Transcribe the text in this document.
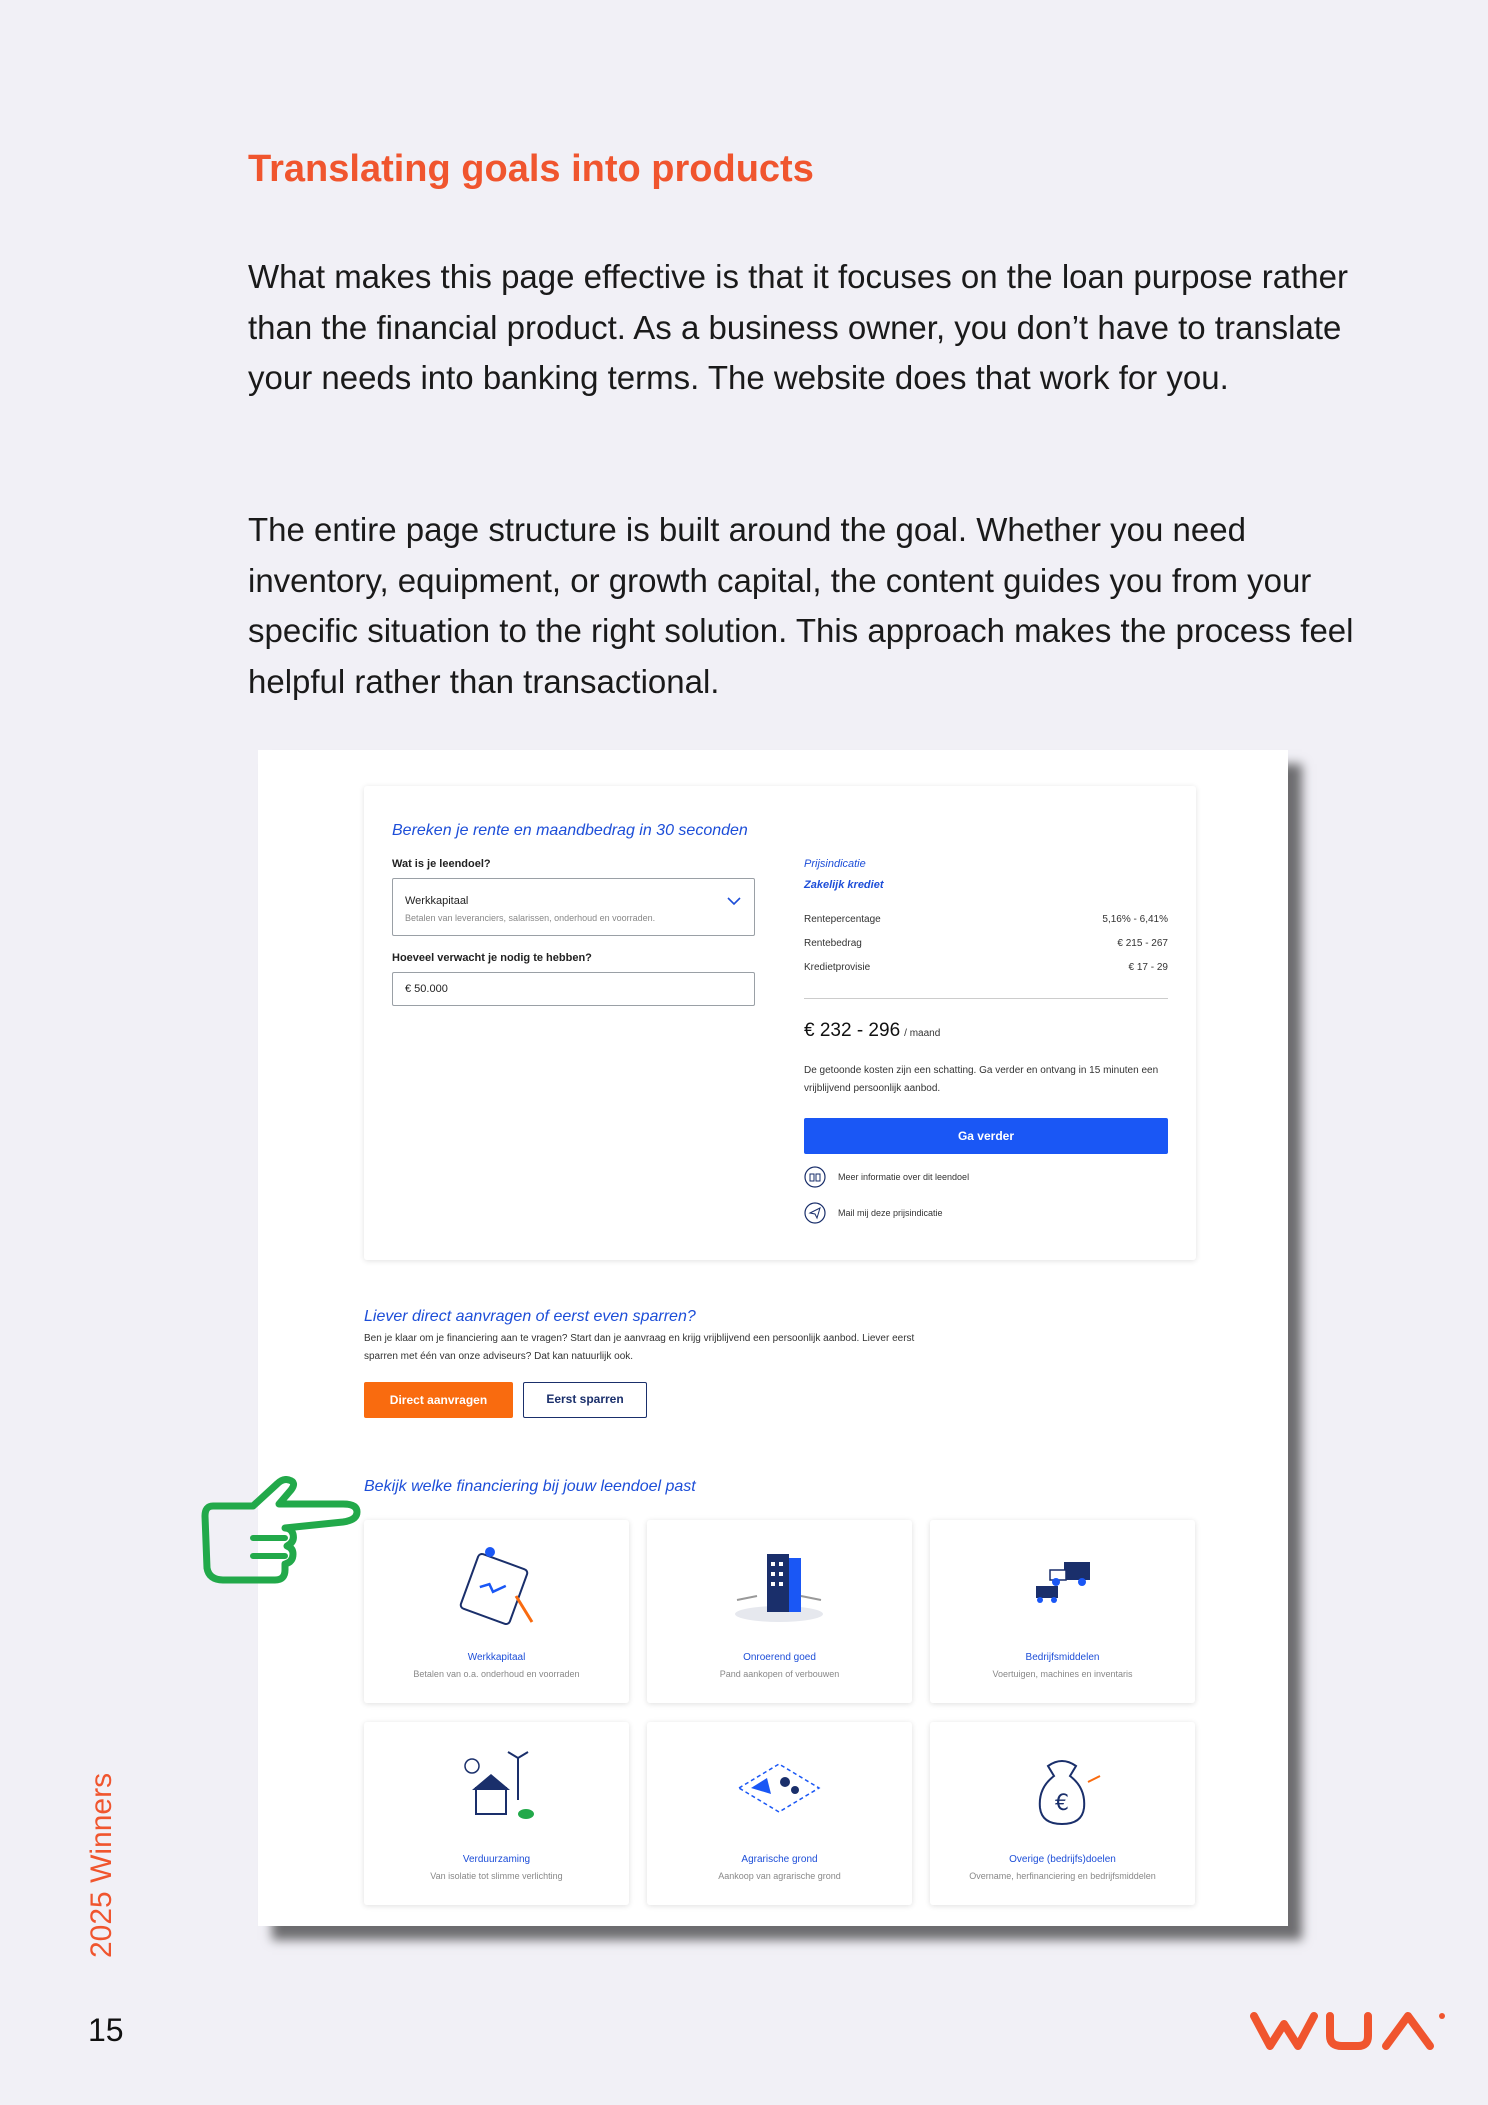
Translating goals into products

What makes this page effective is that it focuses on the loan purpose rather than the financial product. As a business owner, you don’t have to translate your needs into banking terms. The website does that work for you.

The entire page structure is built around the goal. Whether you need inventory, equipment, or growth capital, the content guides you from your specific situation to the right solution. This approach makes the process feel helpful rather than transactional.

Bereken je rente en maandbedrag in 30 seconden
Wat is je leendoel?
Werkkapitaal
Betalen van leveranciers, salarissen, onderhoud en voorraden.
Hoeveel verwacht je nodig te hebben?
€ 50.000
Prijsindicatie
Zakelijk krediet
Rentepercentage	5,16% - 6,41%
Rentebedrag	€ 215 - 267
Kredietprovisie	€ 17 - 29
€ 232 - 296 / maand
De getoonde kosten zijn een schatting. Ga verder en ontvang in 15 minuten een vrijblijvend persoonlijk aanbod.
Ga verder
Meer informatie over dit leendoel
Mail mij deze prijsindicatie
Liever direct aanvragen of eerst even sparren?
Ben je klaar om je financiering aan te vragen? Start dan je aanvraag en krijg vrijblijvend een persoonlijk aanbod. Liever eerst sparren met één van onze adviseurs? Dat kan natuurlijk ook.
Direct aanvragen	Eerst sparren
Bekijk welke financiering bij jouw leendoel past
Werkkapitaal
Betalen van o.a. onderhoud en voorraden
Onroerend goed
Pand aankopen of verbouwen
Bedrijfsmiddelen
Voertuigen, machines en inventaris
Verduurzaming
Van isolatie tot slimme verlichting
Agrarische grond
Aankoop van agrarische grond
€
Overige (bedrijfs)doelen
Overname, herfinanciering en bedrijfsmiddelen
2025 Winners
15
